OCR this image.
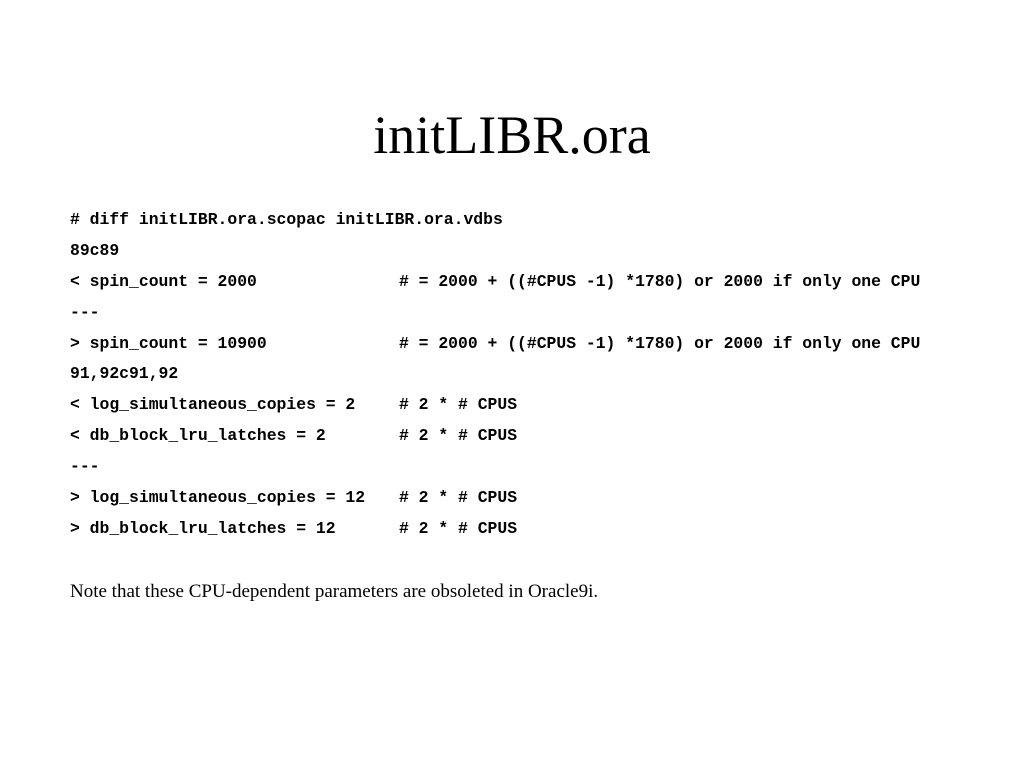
initLIBR.ora
# diff initLIBR.ora.scopac initLIBR.ora.vdbs
89c89
< spin_count = 2000	# = 2000 + ((#CPUS -1) *1780) or 2000 if only one CPU
---
> spin_count = 10900	# = 2000 + ((#CPUS -1) *1780) or 2000 if only one CPU
91,92c91,92
< log_simultaneous_copies = 2	# 2 * # CPUS
< db_block_lru_latches = 2	# 2 * # CPUS
---
> log_simultaneous_copies = 12	# 2 * # CPUS
> db_block_lru_latches = 12	# 2 * # CPUS

Note that these CPU-dependent parameters are obsoleted in Oracle9i.
